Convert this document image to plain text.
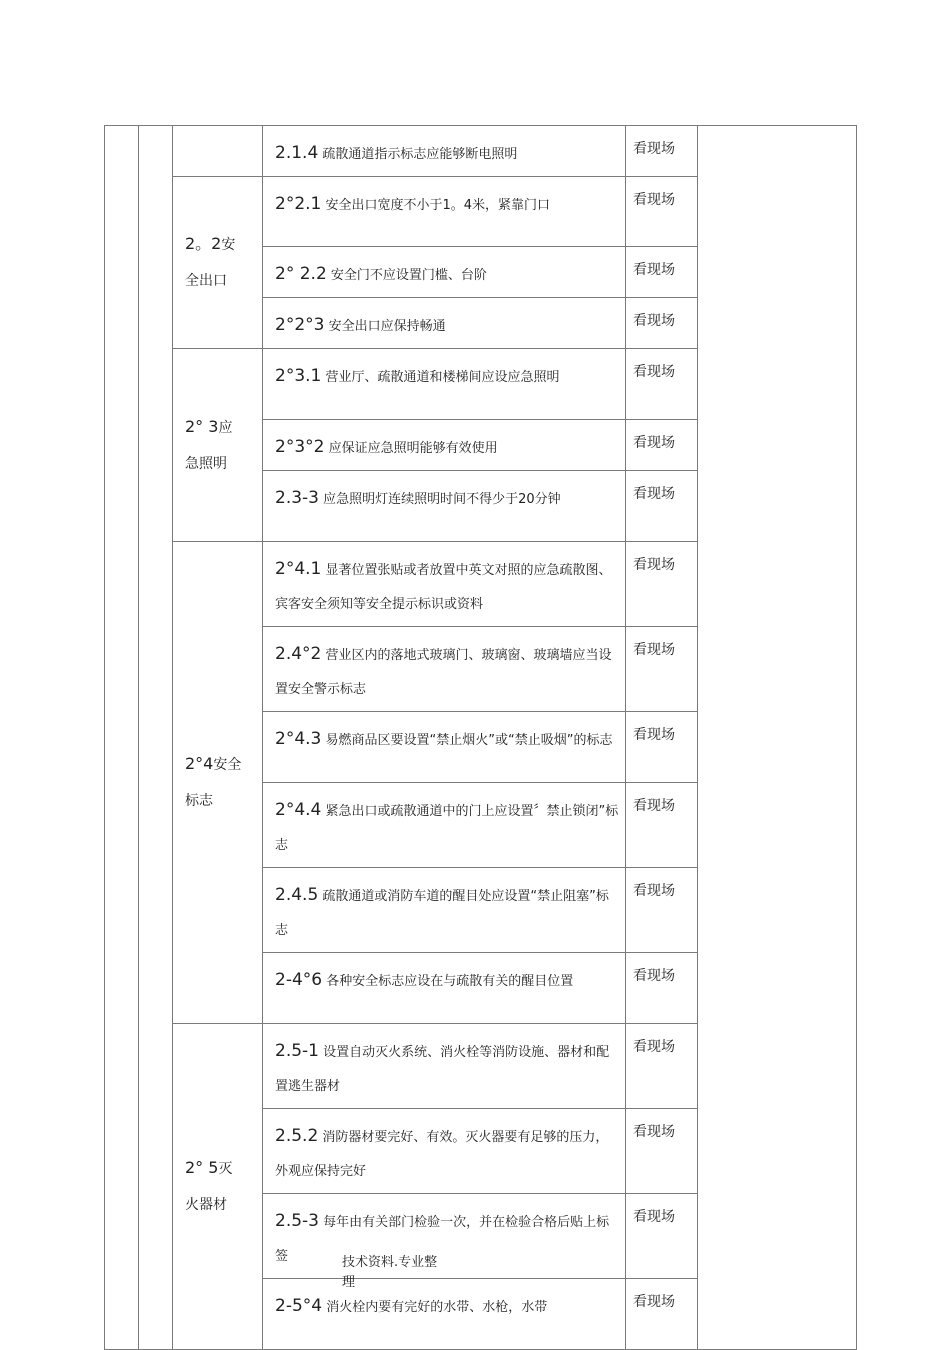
			2.1.4 疏散通道指示标志应能够断电照明	看现场	

		2。2安全出口	2°2.1 安全出口宽度不小于1。4米，紧靠门口	看现场	

			2° 2.2 安全门不应设置门槛、台阶	看现场	

			2°2°3 安全出口应保持畅通	看现场	

		2° 3应急照明	2°3.1 营业厅、疏散通道和楼梯间应设应急照明	看现场	

			2°3°2 应保证应急照明能够有效使用	看现场	

			2.3-3 应急照明灯连续照明时间不得少于20分钟	看现场	

		2°4安全标志	2°4.1 显著位置张贴或者放置中英文对照的应急疏散图、宾客安全须知等安全提示标识或资料	看现场	

			2.4°2 营业区内的落地式玻璃门、玻璃窗、玻璃墙应当设置安全警示标志	看现场	

			2°4.3 易燃商品区要设置“禁止烟火”或“禁止吸烟”的标志	看现场	

			2°4.4 紧急出口或疏散通道中的门上应设置〞禁止锁闭”标志	看现场	

			2.4.5 疏散通道或消防车道的醒目处应设置“禁止阻塞”标志	看现场	

			2-4°6 各种安全标志应设在与疏散有关的醒目位置	看现场	

		2° 5灭火器材	2.5-1 设置自动灭火系统、消火栓等消防设施、器材和配置逃生器材	看现场	

			2.5.2 消防器材要完好、有效。灭火器要有足够的压力，外观应保持完好	看现场	

			2.5-3 每年由有关部门检验一次，并在检验合格后贴上标签	看现场	

			2-5°4 消火栓内要有完好的水带、水枪，水带	看现场	
技术资料.专业整
理
